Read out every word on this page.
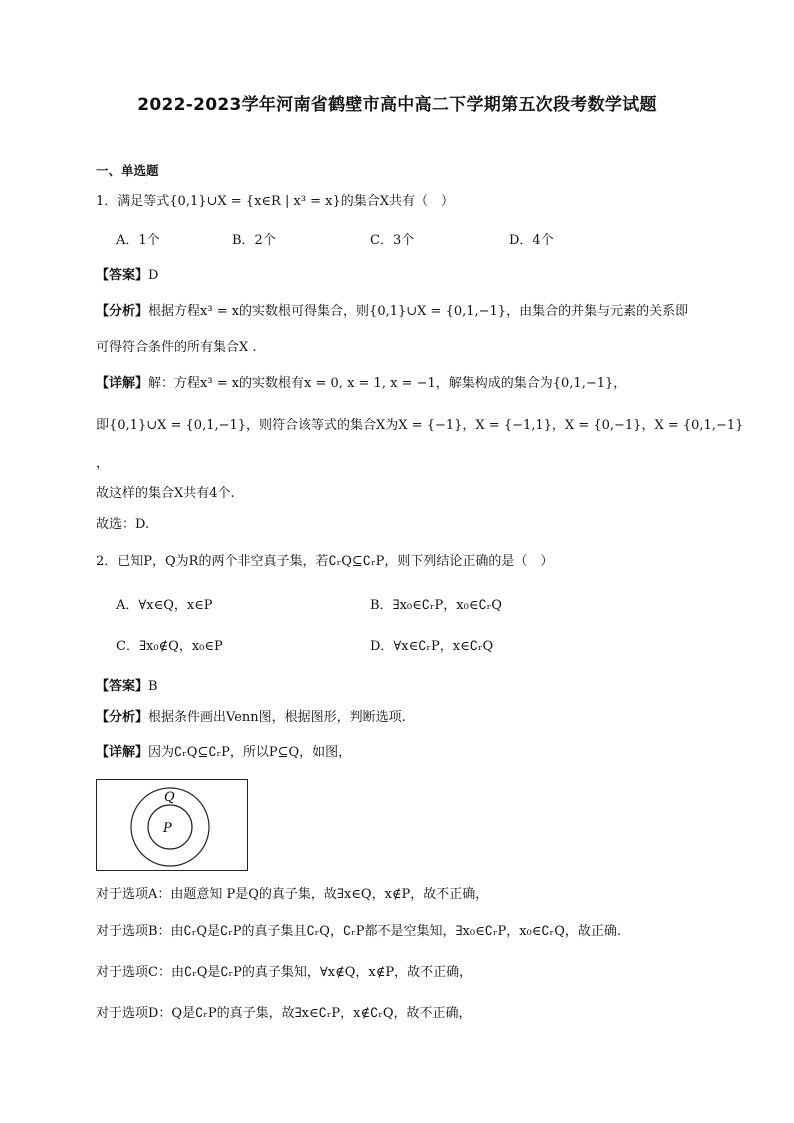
2022-2023学年河南省鹤壁市高中高二下学期第五次段考数学试题
一、单选题
1．满足等式{0,1}∪X = {x∈R | x³ = x}的集合X共有（　）
A．1个	B．2个	C．3个	D．4个
【答案】D
【分析】根据方程x³ = x的实数根可得集合，则{0,1}∪X = {0,1,−1}，由集合的并集与元素的关系即
可得符合条件的所有集合X .
【详解】解：方程x³ = x的实数根有x = 0, x = 1, x = −1，解集构成的集合为{0,1,−1}，
即{0,1}∪X = {0,1,−1}，则符合该等式的集合X为X = {−1}，X = {−1,1}，X = {0,−1}，X = {0,1,−1}
，
故这样的集合X共有4个.
故选：D.
2．已知P，Q为R的两个非空真子集，若∁ᵣQ⊆∁ᵣP，则下列结论正确的是（　）
A．∀x∈Q，x∈P	B．∃x₀∈∁ᵣP，x₀∈∁ᵣQ
C．∃x₀∉Q，x₀∈P	D．∀x∈∁ᵣP，x∈∁ᵣQ
【答案】B
【分析】根据条件画出Venn图，根据图形，判断选项.
【详解】因为∁ᵣQ⊆∁ᵣP，所以P⊆Q，如图，
Q
P
对于选项A：由题意知 P是Q的真子集，故∃x∈Q，x∉P，故不正确，
对于选项B：由∁ᵣQ是∁ᵣP的真子集且∁ᵣQ，∁ᵣP都不是空集知，∃x₀∈∁ᵣP，x₀∈∁ᵣQ，故正确.
对于选项C：由∁ᵣQ是∁ᵣP的真子集知，∀x∉Q，x∉P，故不正确，
对于选项D：Q是∁ᵣP的真子集，故∃x∈∁ᵣP，x∉∁ᵣQ，故不正确，
